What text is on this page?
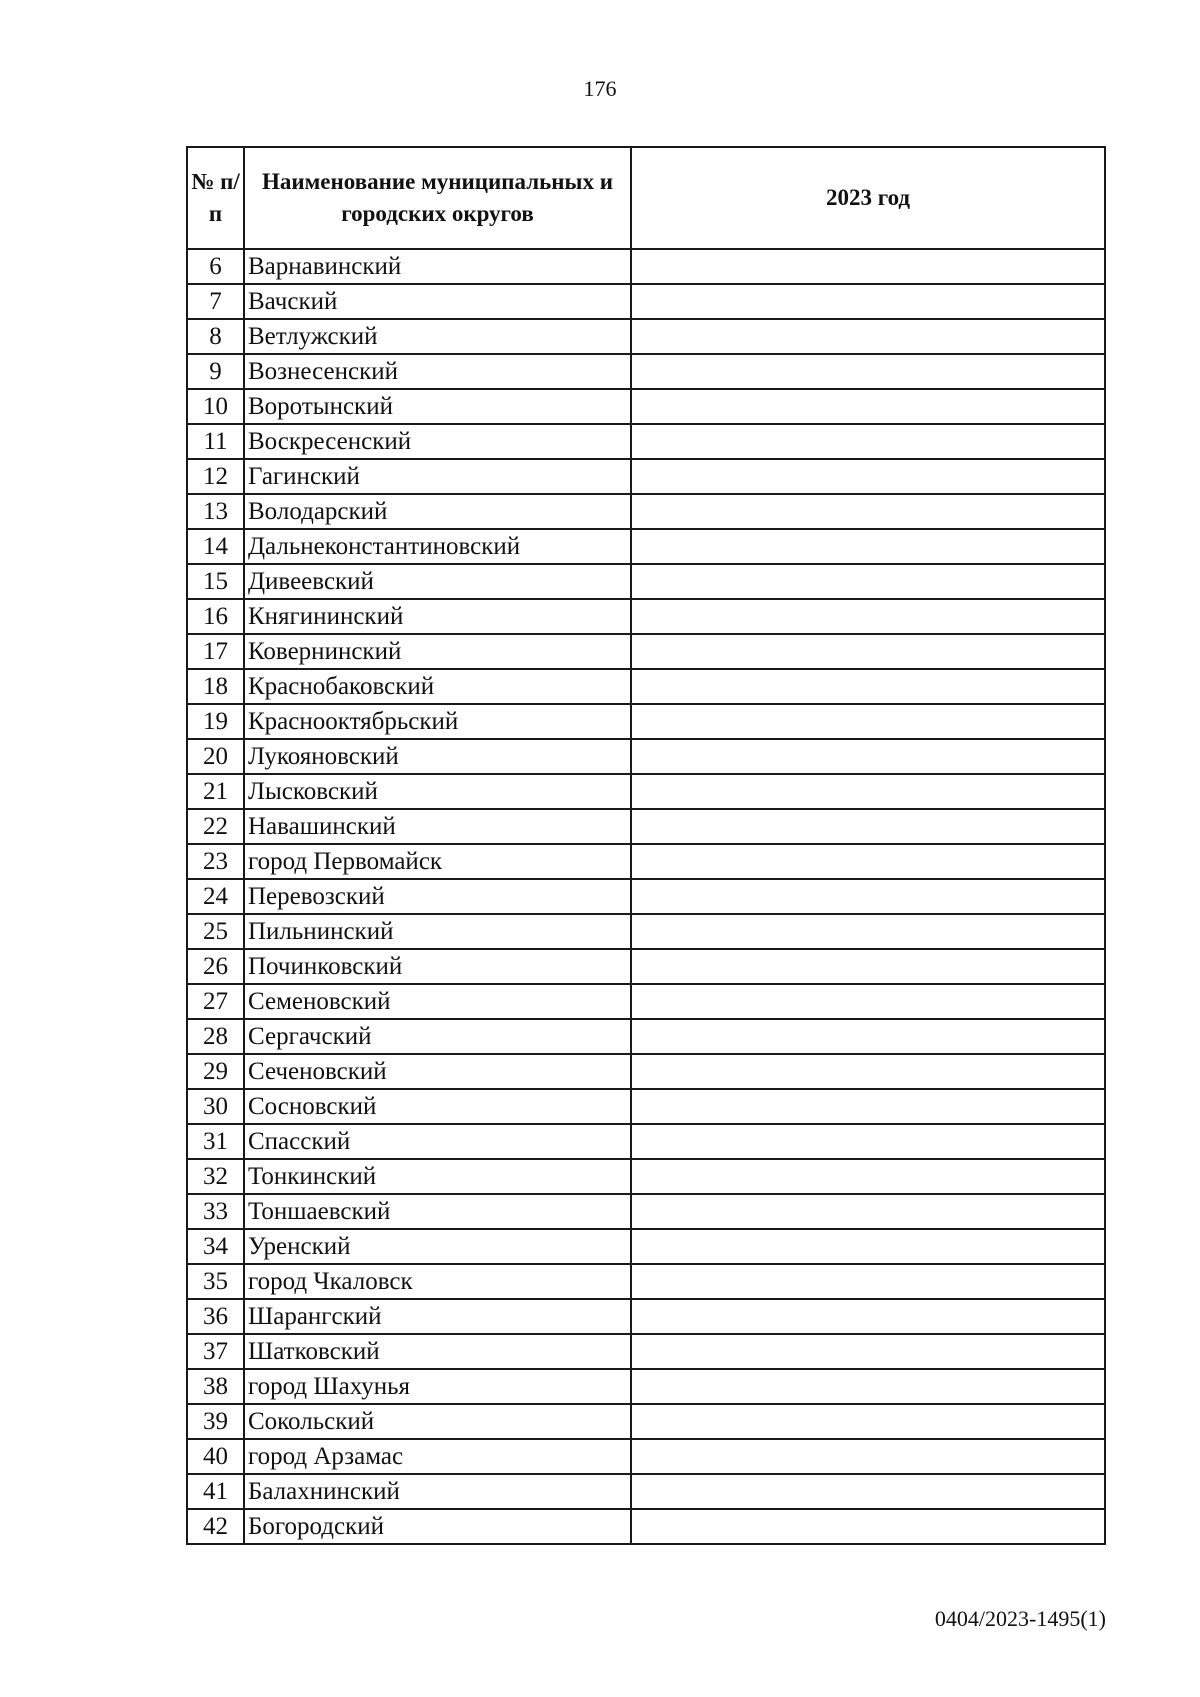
176
№ п/п	Наименование муниципальных и городских округов	2023 год
6	Варнавинский	
7	Вачский	
8	Ветлужский	
9	Вознесенский	
10	Воротынский	
11	Воскресенский	
12	Гагинский	
13	Володарский	
14	Дальнеконстантиновский	
15	Дивеевский	
16	Княгининский	
17	Ковернинский	
18	Краснобаковский	
19	Краснооктябрьский	
20	Лукояновский	
21	Лысковский	
22	Навашинский	
23	город Первомайск	
24	Перевозский	
25	Пильнинский	
26	Починковский	
27	Семеновский	
28	Сергачский	
29	Сеченовский	
30	Сосновский	
31	Спасский	
32	Тонкинский	
33	Тоншаевский	
34	Уренский	
35	город Чкаловск	
36	Шарангский	
37	Шатковский	
38	город Шахунья	
39	Сокольский	
40	город Арзамас	
41	Балахнинский	
42	Богородский	
0404/2023-1495(1)
